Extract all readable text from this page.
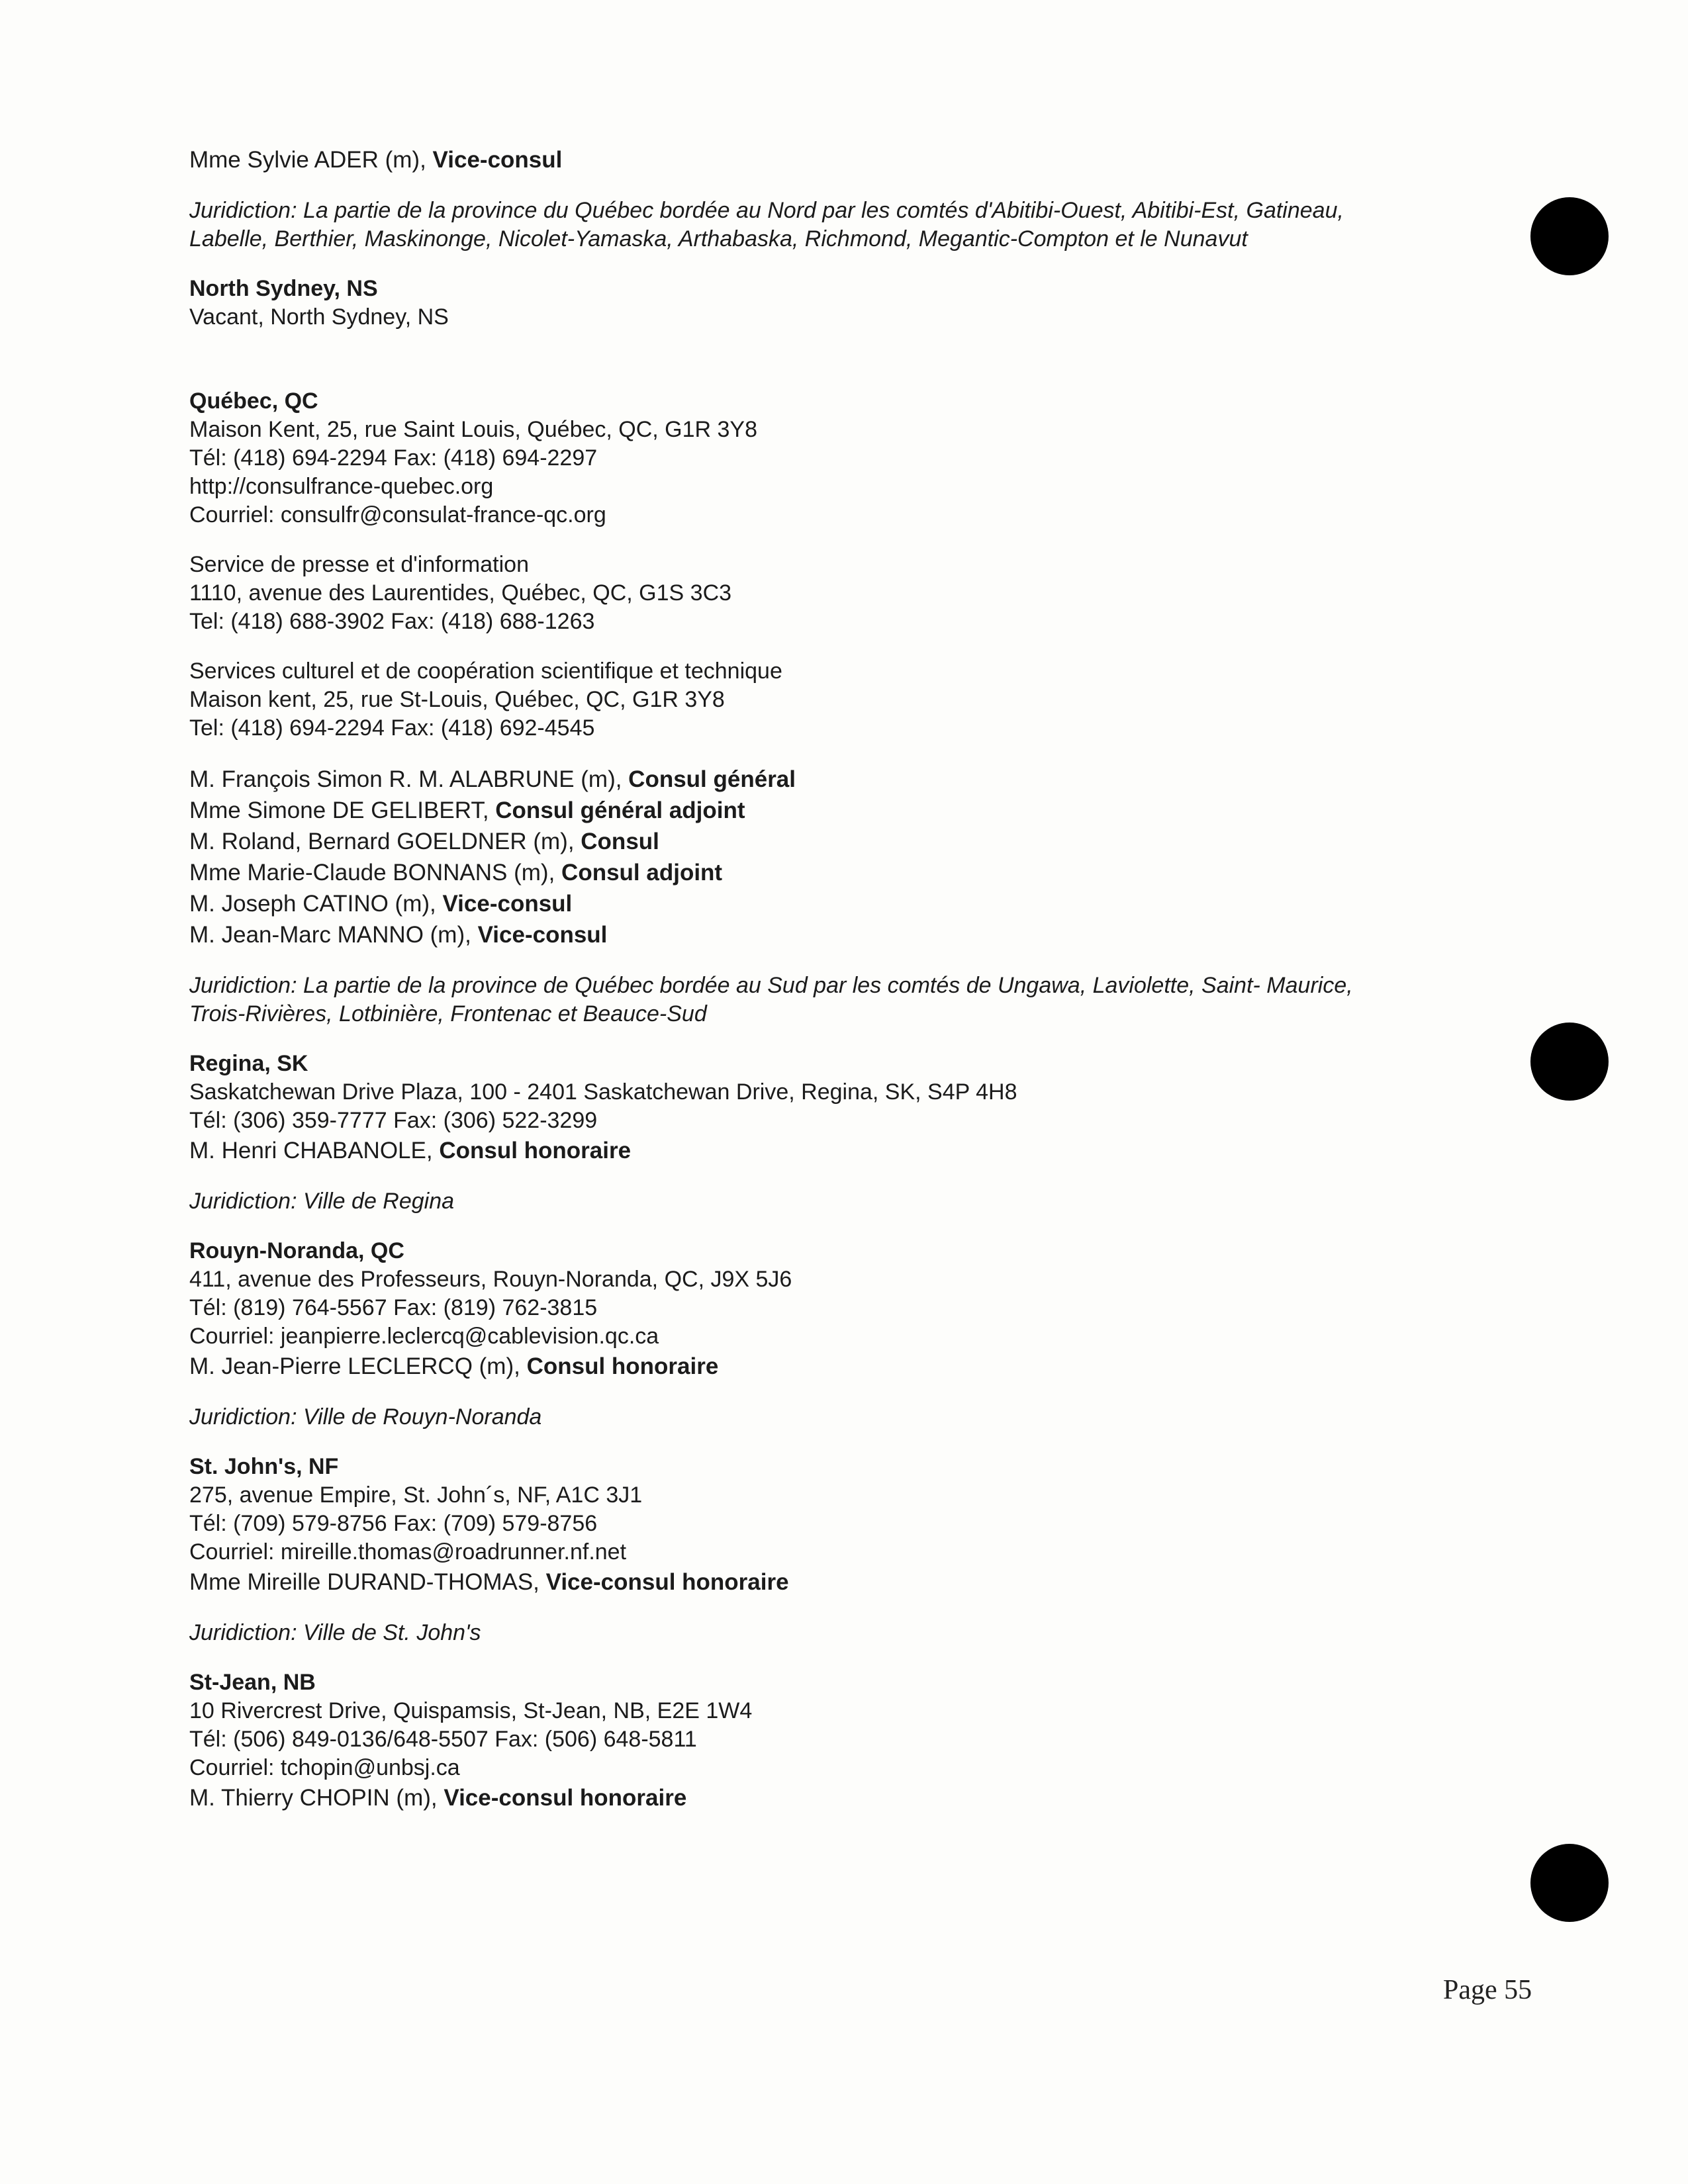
Mme Sylvie ADER (m), Vice-consul
Juridiction: La partie de la province du Québec bordée au Nord par les comtés d'Abitibi-Ouest, Abitibi-Est, Gatineau,
Labelle, Berthier, Maskinonge, Nicolet-Yamaska, Arthabaska, Richmond, Megantic-Compton et le Nunavut
North Sydney, NS
Vacant, North Sydney, NS
Québec, QC
Maison Kent, 25, rue Saint Louis, Québec, QC, G1R 3Y8
Tél: (418) 694-2294 Fax: (418) 694-2297
http://consulfrance-quebec.org
Courriel: consulfr@consulat-france-qc.org
Service de presse et d'information
1110, avenue des Laurentides, Québec, QC, G1S 3C3
Tel: (418) 688-3902 Fax: (418) 688-1263
Services culturel et de coopération scientifique et technique
Maison kent, 25, rue St-Louis, Québec, QC, G1R 3Y8
Tel: (418) 694-2294 Fax: (418) 692-4545
M. François Simon R. M. ALABRUNE (m), Consul général
Mme Simone DE GELIBERT, Consul général adjoint
M. Roland, Bernard GOELDNER (m), Consul
Mme Marie-Claude BONNANS (m), Consul adjoint
M. Joseph CATINO (m), Vice-consul
M. Jean-Marc MANNO (m), Vice-consul
Juridiction: La partie de la province de Québec bordée au Sud par les comtés de Ungawa, Laviolette, Saint- Maurice,
Trois-Rivières, Lotbinière, Frontenac et Beauce-Sud
Regina, SK
Saskatchewan Drive Plaza, 100 - 2401 Saskatchewan Drive, Regina, SK, S4P 4H8
Tél: (306) 359-7777 Fax: (306) 522-3299
M. Henri CHABANOLE, Consul honoraire
Juridiction: Ville de Regina
Rouyn-Noranda, QC
411, avenue des Professeurs, Rouyn-Noranda, QC, J9X 5J6
Tél: (819) 764-5567 Fax: (819) 762-3815
Courriel: jeanpierre.leclercq@cablevision.qc.ca
M. Jean-Pierre LECLERCQ (m), Consul honoraire
Juridiction: Ville de Rouyn-Noranda
St. John's, NF
275, avenue Empire, St. John´s, NF, A1C 3J1
Tél: (709) 579-8756 Fax: (709) 579-8756
Courriel: mireille.thomas@roadrunner.nf.net
Mme Mireille DURAND-THOMAS, Vice-consul honoraire
Juridiction: Ville de St. John's
St-Jean, NB
10 Rivercrest Drive, Quispamsis, St-Jean, NB, E2E 1W4
Tél: (506) 849-0136/648-5507 Fax: (506) 648-5811
Courriel: tchopin@unbsj.ca
M. Thierry CHOPIN (m), Vice-consul honoraire
Page 55
